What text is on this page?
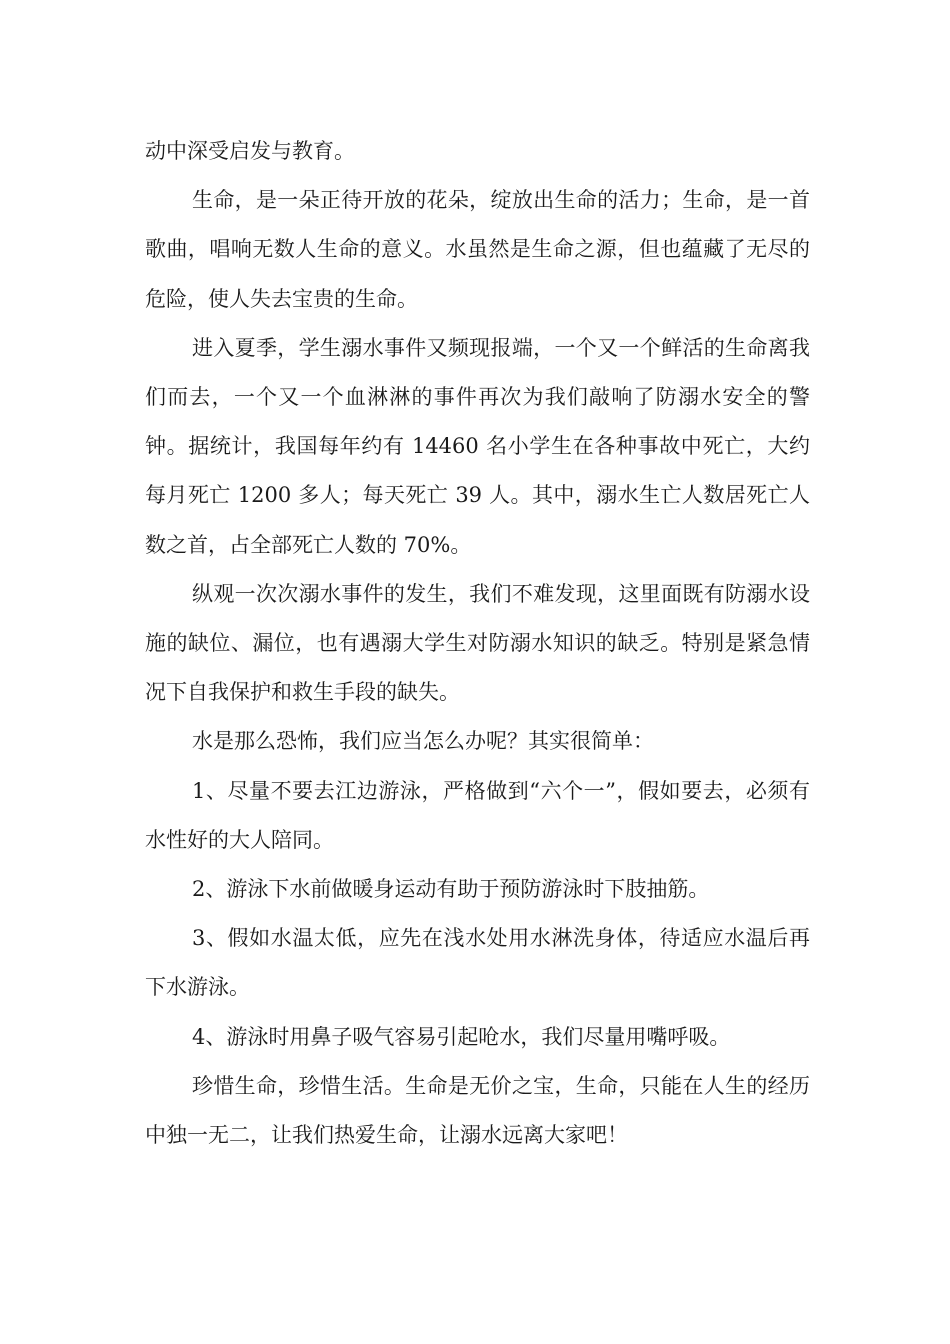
动中深受启发与教育。

生命，是一朵正待开放的花朵，绽放出生命的活力；生命，是一首歌曲，唱响无数人生命的意义。水虽然是生命之源，但也蕴藏了无尽的危险，使人失去宝贵的生命。

进入夏季，学生溺水事件又频现报端，一个又一个鲜活的生命离我们而去，一个又一个血淋淋的事件再次为我们敲响了防溺水安全的警钟。据统计，我国每年约有 14460 名小学生在各种事故中死亡，大约每月死亡 1200 多人；每天死亡 39 人。其中，溺水生亡人数居死亡人数之首，占全部死亡人数的 70%。

纵观一次次溺水事件的发生，我们不难发现，这里面既有防溺水设施的缺位、漏位，也有遇溺大学生对防溺水知识的缺乏。特别是紧急情况下自我保护和救生手段的缺失。

水是那么恐怖，我们应当怎么办呢？其实很简单：

1、尽量不要去江边游泳，严格做到“六个一”，假如要去，必须有水性好的大人陪同。

2、游泳下水前做暖身运动有助于预防游泳时下肢抽筋。

3、假如水温太低，应先在浅水处用水淋洗身体，待适应水温后再下水游泳。

4、游泳时用鼻子吸气容易引起呛水，我们尽量用嘴呼吸。

珍惜生命，珍惜生活。生命是无价之宝，生命，只能在人生的经历中独一无二，让我们热爱生命，让溺水远离大家吧！
